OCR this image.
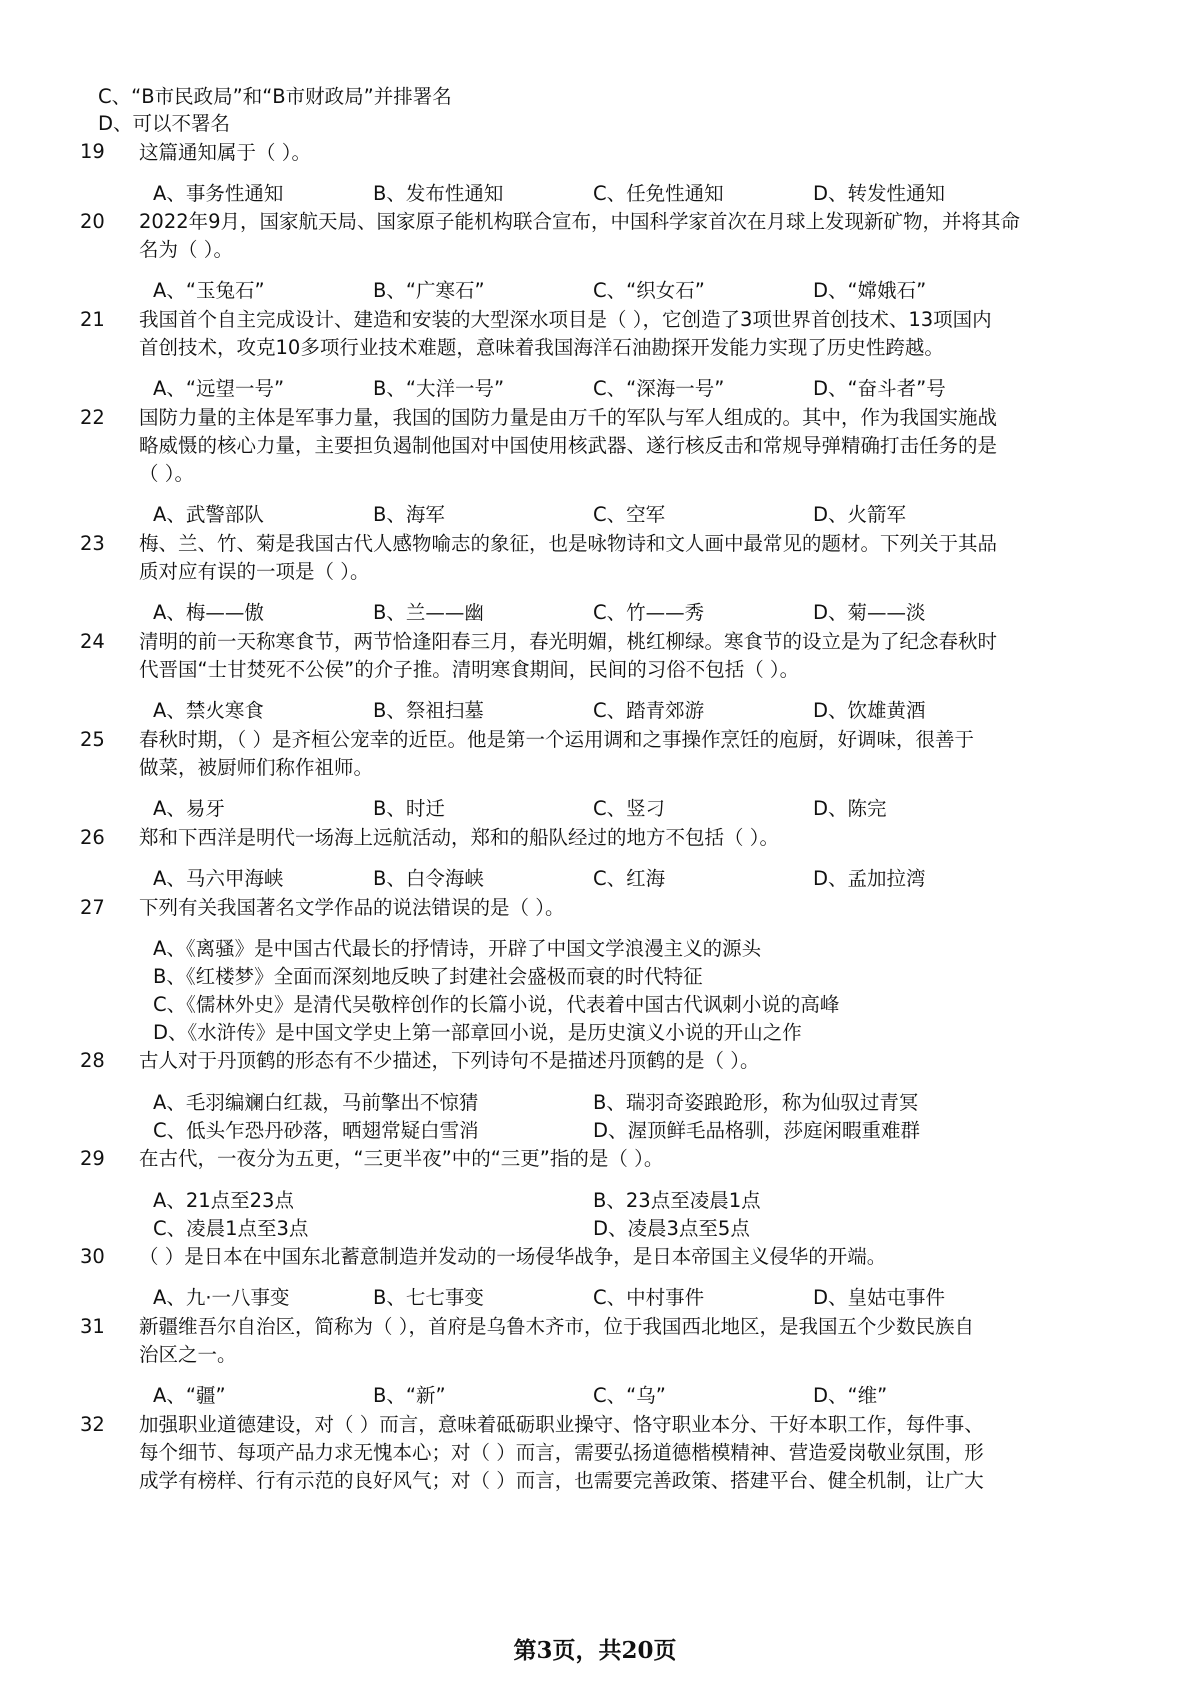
C、“B市民政局”和“B市财政局”并排署名
D、可以不署名
19	这篇通知属于（ ）。
A、事务性通知	B、发布性通知	C、任免性通知	D、转发性通知
20	2022年9月，国家航天局、国家原子能机构联合宣布，中国科学家首次在月球上发现新矿物，并将其命
名为（ ）。
A、“玉兔石”	B、“广寒石”	C、“织女石”	D、“嫦娥石”
21	我国首个自主完成设计、建造和安装的大型深水项目是（ ），它创造了3项世界首创技术、13项国内
首创技术，攻克10多项行业技术难题，意味着我国海洋石油勘探开发能力实现了历史性跨越。
A、“远望一号”	B、“大洋一号”	C、“深海一号”	D、“奋斗者”号
22	国防力量的主体是军事力量，我国的国防力量是由万千的军队与军人组成的。其中，作为我国实施战
略威慑的核心力量，主要担负遏制他国对中国使用核武器、遂行核反击和常规导弹精确打击任务的是
（ ）。
A、武警部队	B、海军	C、空军	D、火箭军
23	梅、兰、竹、菊是我国古代人感物喻志的象征，也是咏物诗和文人画中最常见的题材。下列关于其品
质对应有误的一项是（ ）。
A、梅——傲	B、兰——幽	C、竹——秀	D、菊——淡
24	清明的前一天称寒食节，两节恰逢阳春三月，春光明媚，桃红柳绿。寒食节的设立是为了纪念春秋时
代晋国“士甘焚死不公侯”的介子推。清明寒食期间，民间的习俗不包括（ ）。
A、禁火寒食	B、祭祖扫墓	C、踏青郊游	D、饮雄黄酒
25	春秋时期，（ ）是齐桓公宠幸的近臣。他是第一个运用调和之事操作烹饪的庖厨，好调味，很善于
做菜，被厨师们称作祖师。
A、易牙	B、时迁	C、竖刁	D、陈完
26	郑和下西洋是明代一场海上远航活动，郑和的船队经过的地方不包括（ ）。
A、马六甲海峡	B、白令海峡	C、红海	D、孟加拉湾
27	下列有关我国著名文学作品的说法错误的是（ ）。
A、《离骚》是中国古代最长的抒情诗，开辟了中国文学浪漫主义的源头
B、《红楼梦》全面而深刻地反映了封建社会盛极而衰的时代特征
C、《儒林外史》是清代吴敬梓创作的长篇小说，代表着中国古代讽刺小说的高峰
D、《水浒传》是中国文学史上第一部章回小说，是历史演义小说的开山之作
28	古人对于丹顶鹤的形态有不少描述，下列诗句不是描述丹顶鹤的是（ ）。
A、毛羽编斓白红裁，马前擎出不惊猜	B、瑞羽奇姿踉跄形，称为仙驭过青冥
C、低头乍恐丹砂落，晒翅常疑白雪消	D、渥顶鲜毛品格驯，莎庭闲暇重难群
29	在古代，一夜分为五更，“三更半夜”中的“三更”指的是（ ）。
A、21点至23点	B、23点至凌晨1点
C、凌晨1点至3点	D、凌晨3点至5点
30	（ ）是日本在中国东北蓄意制造并发动的一场侵华战争，是日本帝国主义侵华的开端。
A、九·一八事变	B、七七事变	C、中村事件	D、皇姑屯事件
31	新疆维吾尔自治区，简称为（ ），首府是乌鲁木齐市，位于我国西北地区，是我国五个少数民族自
治区之一。
A、“疆”	B、“新”	C、“乌”	D、“维”
32	加强职业道德建设，对（ ）而言，意味着砥砺职业操守、恪守职业本分、干好本职工作，每件事、
每个细节、每项产品力求无愧本心；对（ ）而言，需要弘扬道德楷模精神、营造爱岗敬业氛围，形
成学有榜样、行有示范的良好风气；对（ ）而言，也需要完善政策、搭建平台、健全机制，让广大
第3页，共20页
